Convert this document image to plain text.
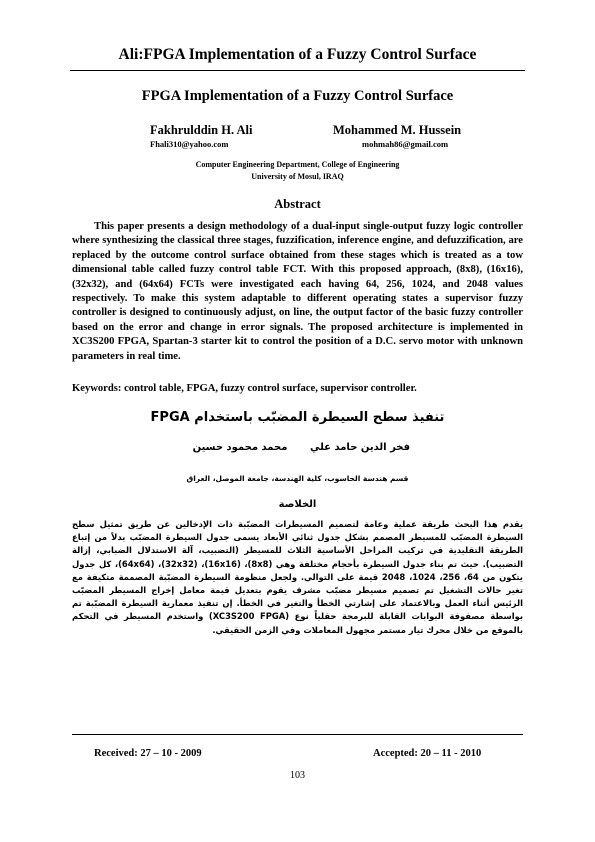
Ali:FPGA Implementation of a Fuzzy Control Surface
FPGA Implementation of a Fuzzy Control Surface
Fakhrulddin H. Ali	Mohammed M. Hussein
Fhali310@yahoo.com	mohmah86@gmail.com
Computer Engineering Department, College of Engineering
University of Mosul, IRAQ
Abstract

This paper presents a design methodology of a dual-input single-output fuzzy logic controller where synthesizing the classical three stages, fuzzification, inference engine, and defuzzification, are replaced by the outcome control surface obtained from these stages which is treated as a tow dimensional table called fuzzy control table FCT. With this proposed approach, (8x8), (16x16), (32x32), and (64x64) FCTs were investigated each having 64, 256, 1024, and 2048 values respectively. To make this system adaptable to different operating states a supervisor fuzzy controller is designed to continuously adjust, on line, the output factor of the basic fuzzy controller based on the error and change in error signals. The proposed architecture is implemented in XC3S200 FPGA, Spartan-3 starter kit to control the position of a D.C. servo motor with unknown parameters in real time.

Keywords: control table, FPGA, fuzzy control surface, supervisor controller.
تنفيذ سطح السيطرة المضبّب باستخدام FPGA
فخر الدين حامد علي
محمد محمود حسين
قسم هندسة الحاسوب، كلية الهندسة، جامعة الموصل، العراق
الخلاصة

يقدم هذا البحث طريقة عملية وعامة لتصميم المسيطرات المضبّبة ذات الإدخالين عن طريق تمثيل سطح السيطرة المضبّب للمسيطر المصمم بشكل جدول ثنائي الأبعاد يسمى جدول السيطرة المضبّب بدلاً من إتباع الطريقة التقليدية في تركيب المراحل الأساسية الثلاث للمسيطر (التضبيب، آلة الاستدلال الضبابي، إزالة التضبيب). حيث تم بناء جدول السيطرة بأحجام مختلفة وهي (8x8)، (16x16)، (32x32)، (64x64)، كل جدول يتكون من 64، 256، 1024، 2048 قيمة على التوالي. ولجعل منظومة السيطرة المضبّبة المصممة متكيفة مع تغير حالات التشغيل تم تصميم مسيطر مضبّب مشرف يقوم بتعديل قيمة معامل إخراج المسيطر المضبّب الرئيس أثناء العمل وبالاعتماد على إشارتي الخطأ والتغير في الخطأ. إن تنفيذ معمارية السيطرة المضبّبة تم بواسطة مصفوفة البوابات القابلة للبرمجة حقلياً نوع (XC3S200 FPGA) واستخدم المسيطر في التحكم بالموقع من خلال محرك تيار مستمر مجهول المعاملات وفي الزمن الحقيقي.

Received: 27 – 10 - 2009	Accepted: 20 – 11 - 2010
103
